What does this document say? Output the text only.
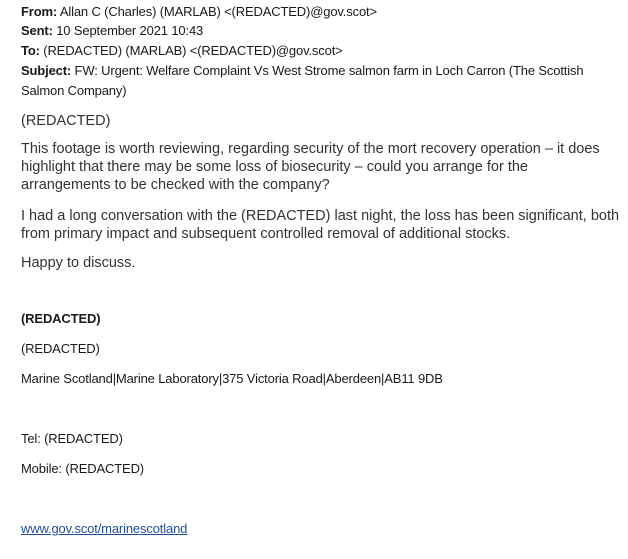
From: Allan C (Charles) (MARLAB) <(REDACTED)@gov.scot>
Sent: 10 September 2021 10:43
To: (REDACTED) (MARLAB) <(REDACTED)@gov.scot>
Subject: FW: Urgent: Welfare Complaint Vs West Strome salmon farm in Loch Carron (The Scottish
Salmon Company)
(REDACTED)
This footage is worth reviewing, regarding security of the mort recovery operation – it does highlight that there may be some loss of biosecurity – could you arrange for the arrangements to be checked with the company?
I had a long conversation with the (REDACTED) last night, the loss has been significant, both from primary impact and subsequent controlled removal of additional stocks.
Happy to discuss.
(REDACTED)
(REDACTED)
Marine Scotland|Marine Laboratory|375 Victoria Road|Aberdeen|AB11 9DB
Tel: (REDACTED)
Mobile: (REDACTED)
www.gov.scot/marinescotland
